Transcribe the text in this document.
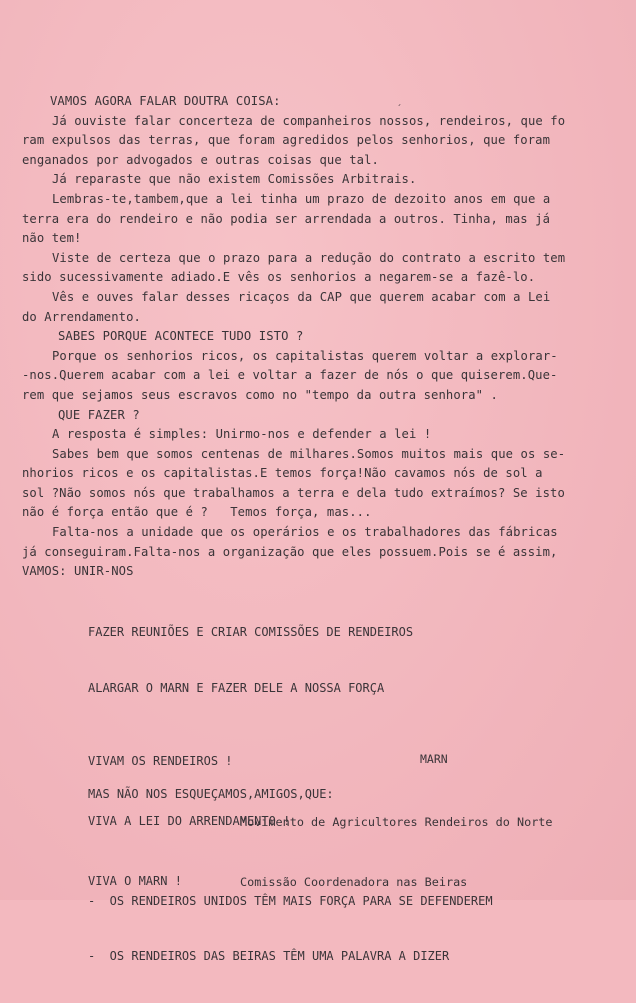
´
VAMOS AGORA FALAR DOUTRA COISA:
Já ouviste falar concerteza de companheiros nossos, rendeiros, que fo
ram expulsos das terras, que foram agredidos pelos senhorios, que foram
enganados por advogados e outras coisas que tal.
Já reparaste que não existem Comissões Arbitrais.
Lembras-te,tambem,que a lei tinha um prazo de dezoito anos em que a
terra era do rendeiro e não podia ser arrendada a outros. Tinha, mas já
não tem!
Viste de certeza que o prazo para a redução do contrato a escrito tem
sido sucessivamente adiado.E vês os senhorios a negarem-se a fazê-lo.
Vês e ouves falar desses ricaços da CAP que querem acabar com a Lei
do Arrendamento.
SABES PORQUE ACONTECE TUDO ISTO ?
Porque os senhorios ricos, os capitalistas querem voltar a explorar-
-nos.Querem acabar com a lei e voltar a fazer de nós o que quiserem.Que-
rem que sejamos seus escravos como no "tempo da outra senhora" .
QUE FAZER ?
A resposta é simples: Unirmo-nos e defender a lei !
Sabes bem que somos centenas de milhares.Somos muitos mais que os se-
nhorios ricos e os capitalistas.E temos força!Não cavamos nós de sol a
sol ?Não somos nós que trabalhamos a terra e dela tudo extraímos? Se isto
não é força então que é ?   Temos força, mas...
Falta-nos a unidade que os operários e os trabalhadores das fábricas
já conseguiram.Falta-nos a organização que eles possuem.Pois se é assim,
VAMOS: UNIR-NOS

FAZER REUNIÕES E CRIAR COMISSÕES DE RENDEIROS

ALARGAR O MARN E FAZER DELE A NOSSA FORÇA

MAS NÃO NOS ESQUEÇAMOS,AMIGOS,QUE:

-  OS RENDEIROS UNIDOS TÊM MAIS FORÇA PARA SE DEFENDEREM

-  OS RENDEIROS DAS BEIRAS TÊM UMA PALAVRA A DIZER

VIVAM OS RENDEIROS !

VIVA A LEI DO ARRENDAMENTO !

VIVA O MARN !

MARN

Movimento de Agricultores Rendeiros do Norte

Comissão Coordenadora nas Beiras
